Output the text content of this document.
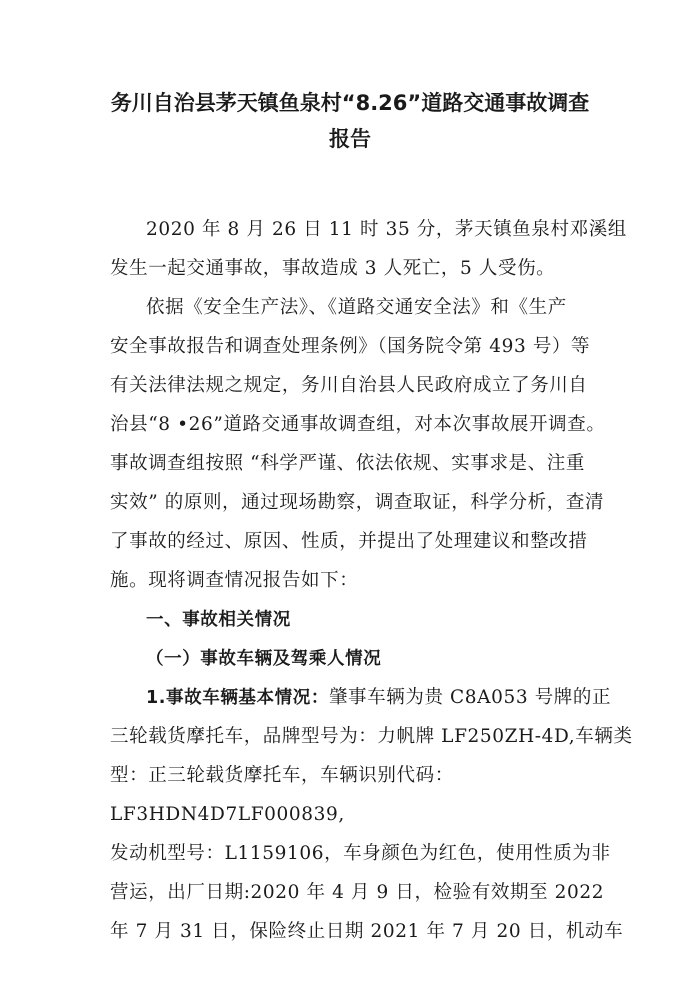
务川自治县茅天镇鱼泉村“8.26”道路交通事故调查
报告
2020 年 8 月 26 日 11 时 35 分，茅天镇鱼泉村邓溪组
发生一起交通事故，事故造成 3 人死亡，5 人受伤。
依据《安全生产法》、《道路交通安全法》和《生产
安全事故报告和调查处理条例》（国务院令第 493 号）等
有关法律法规之规定，务川自治县人民政府成立了务川自
治县“8 •26”道路交通事故调查组，对本次事故展开调查。
事故调查组按照 “科学严谨、依法依规、实事求是、注重
实效” 的原则，通过现场勘察，调查取证，科学分析，查清
了事故的经过、原因、性质，并提出了处理建议和整改措
施。现将调查情况报告如下：
一、事故相关情况
（一）事故车辆及驾乘人情况
1.事故车辆基本情况：肇事车辆为贵 C8A053 号牌的正
三轮载货摩托车，品牌型号为：力帆牌 LF250ZH-4D,车辆类
型：正三轮载货摩托车，车辆识别代码：
LF3HDN4D7LF000839,
发动机型号：L1159106，车身颜色为红色，使用性质为非
营运，出厂日期:2020 年 4 月 9 日，检验有效期至 2022
年 7 月 31 日，保险终止日期 2021 年 7 月 20 日，机动车
